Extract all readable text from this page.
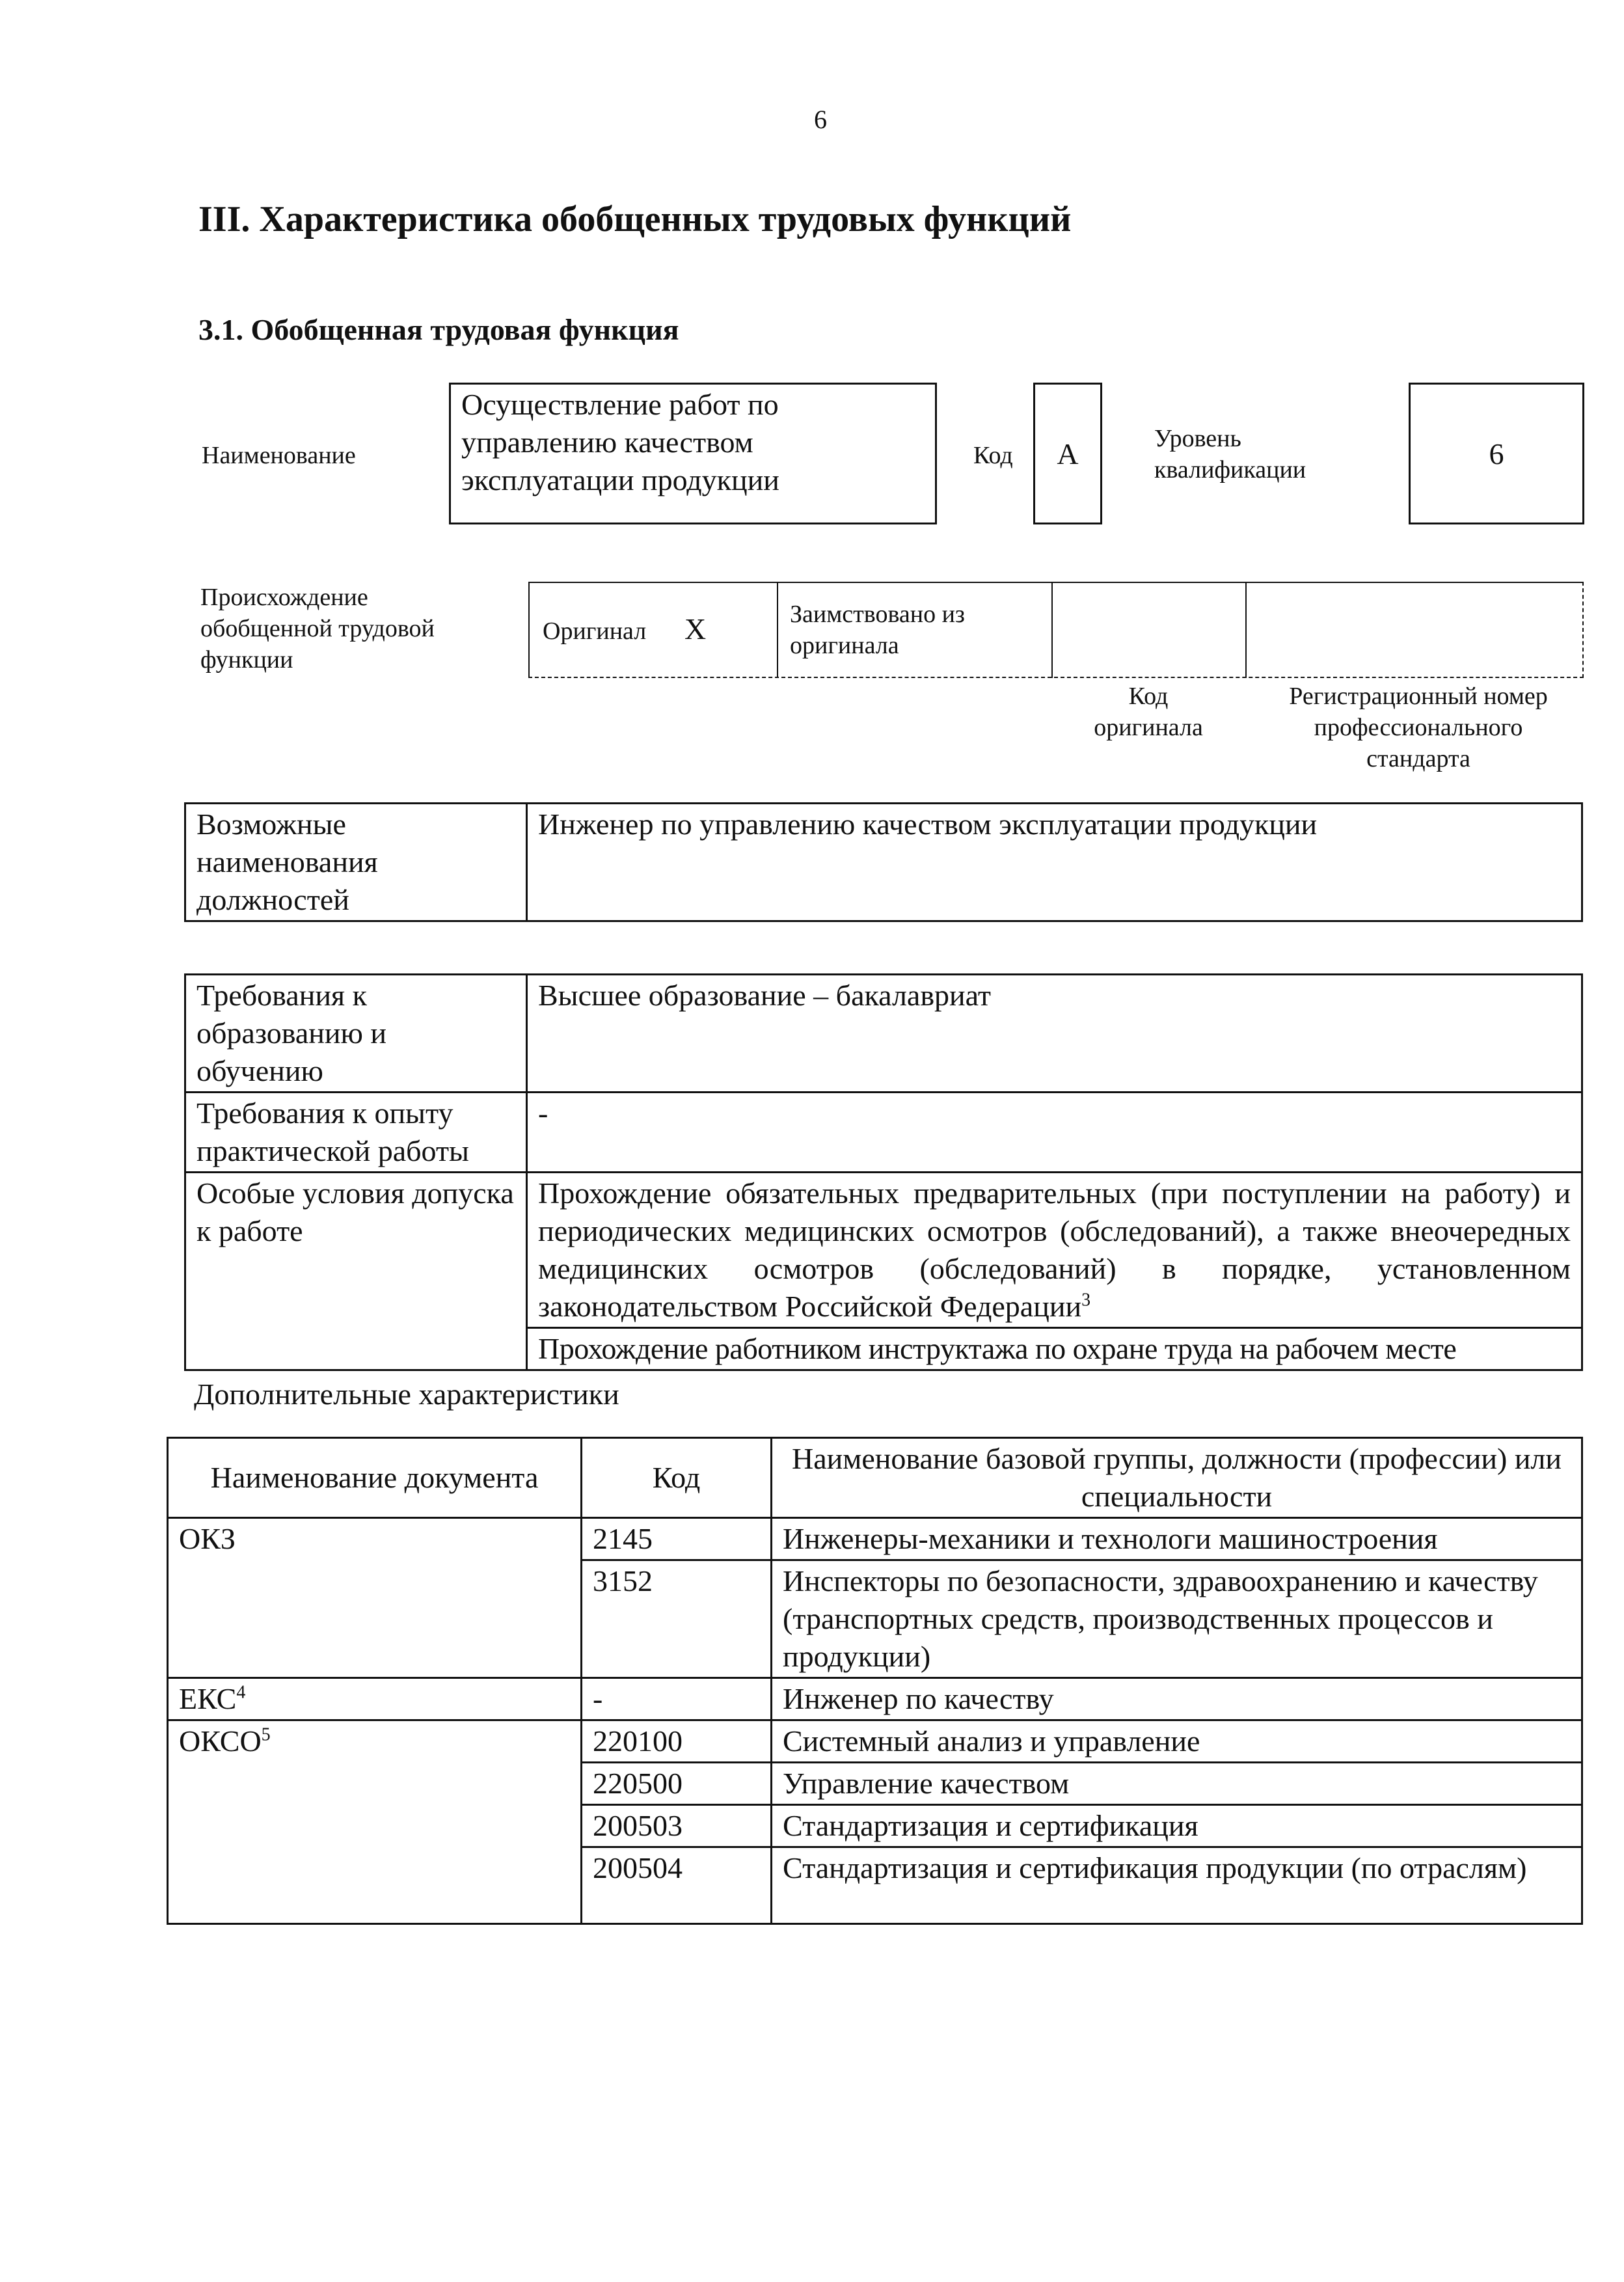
6
III. Характеристика обобщенных трудовых функций
3.1. Обобщенная трудовая функция
Наименование
Осуществление работ по управлению качеством эксплуатации продукции
Код	A	Уровень квалификации	6
Происхождение обобщенной трудовой функции
Оригинал X	Заимствовано из оригинала
Код оригинала
Регистрационный номер профессионального стандарта
Возможные наименования должностей	Инженер по управлению качеством эксплуатации продукции
Требования к образованию и обучению	Высшее образование – бакалавриат
Требования к опыту практической работы	-
Особые условия допуска к работе	Прохождение обязательных предварительных (при поступлении на работу) и периодических медицинских осмотров (обследований), а также внеочередных медицинских осмотров (обследований) в порядке, установленном законодательством Российской Федерации$^3$
	Прохождение работником инструктажа по охране труда на рабочем месте
Дополнительные характеристики
Наименование документа	Код	Наименование базовой группы, должности (профессии) или специальности
ОКЗ	2145	Инженеры-механики и технологи машиностроения
	3152	Инспекторы по безопасности, здравоохранению и качеству (транспортных средств, производственных процессов и продукции)
ЕКС$^4$	-	Инженер по качеству
ОКСО$^5$	220100	Системный анализ и управление
	220500	Управление качеством
	200503	Стандартизация и сертификация
	200504	Стандартизация и сертификация продукции (по отраслям)
